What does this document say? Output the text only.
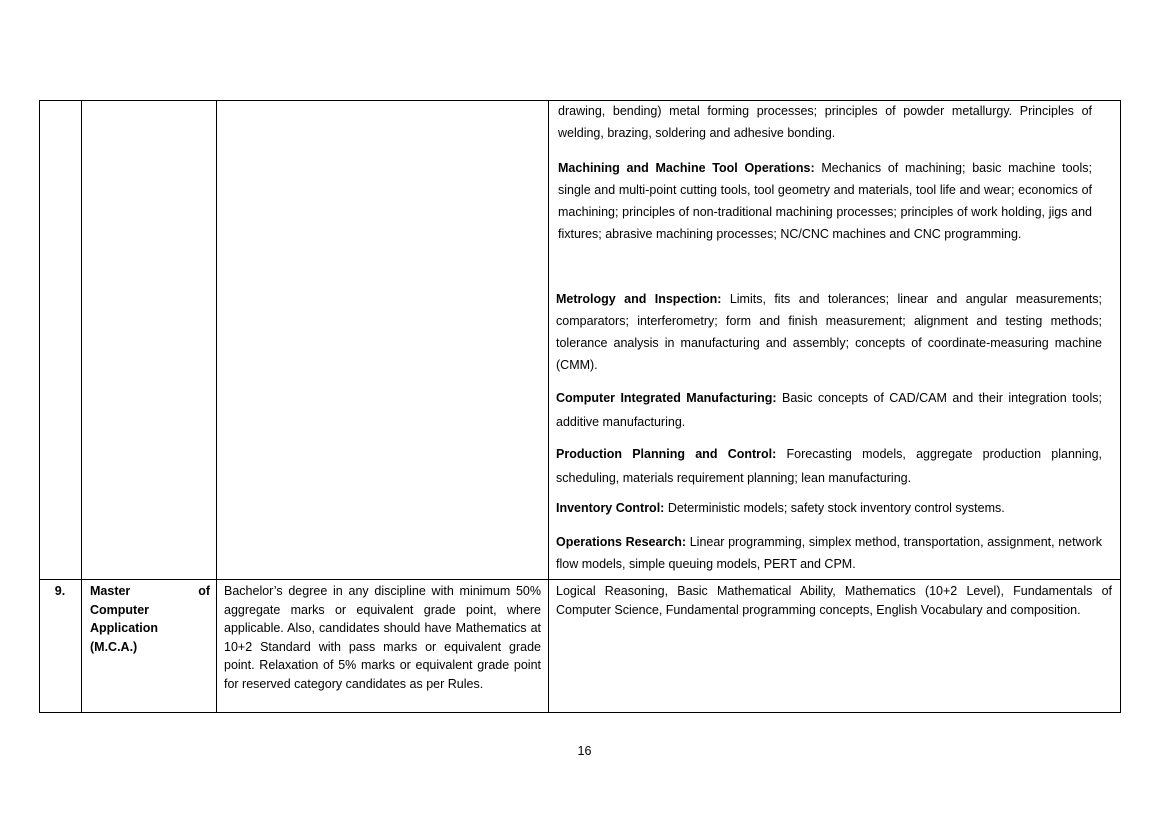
drawing, bending) metal forming processes; principles of powder metallurgy. Principles of welding, brazing, soldering and adhesive bonding.

Machining and Machine Tool Operations: Mechanics of machining; basic machine tools; single and multi-point cutting tools, tool geometry and materials, tool life and wear; economics of machining; principles of non-traditional machining processes; principles of work holding, jigs and fixtures; abrasive machining processes; NC/CNC machines and CNC programming.

Metrology and Inspection: Limits, fits and tolerances; linear and angular measurements; comparators; interferometry; form and finish measurement; alignment and testing methods; tolerance analysis in manufacturing and assembly; concepts of coordinate-measuring machine (CMM).

Computer Integrated Manufacturing: Basic concepts of CAD/CAM and their integration tools; additive manufacturing.

Production Planning and Control: Forecasting models, aggregate production planning, scheduling, materials requirement planning; lean manufacturing.

Inventory Control: Deterministic models; safety stock inventory control systems.

Operations Research: Linear programming, simplex method, transportation, assignment, network flow models, simple queuing models, PERT and CPM.

9.	Master	of
Computer
Application
(M.C.A.)

Bachelor’s degree in any discipline with minimum 50% aggregate marks or equivalent grade point, where applicable. Also, candidates should have Mathematics at 10+2 Standard with pass marks or equivalent grade point. Relaxation of 5% marks or equivalent grade point for reserved category candidates as per Rules.

Logical Reasoning, Basic Mathematical Ability, Mathematics (10+2 Level), Fundamentals of Computer Science, Fundamental programming concepts, English Vocabulary and composition.

16
